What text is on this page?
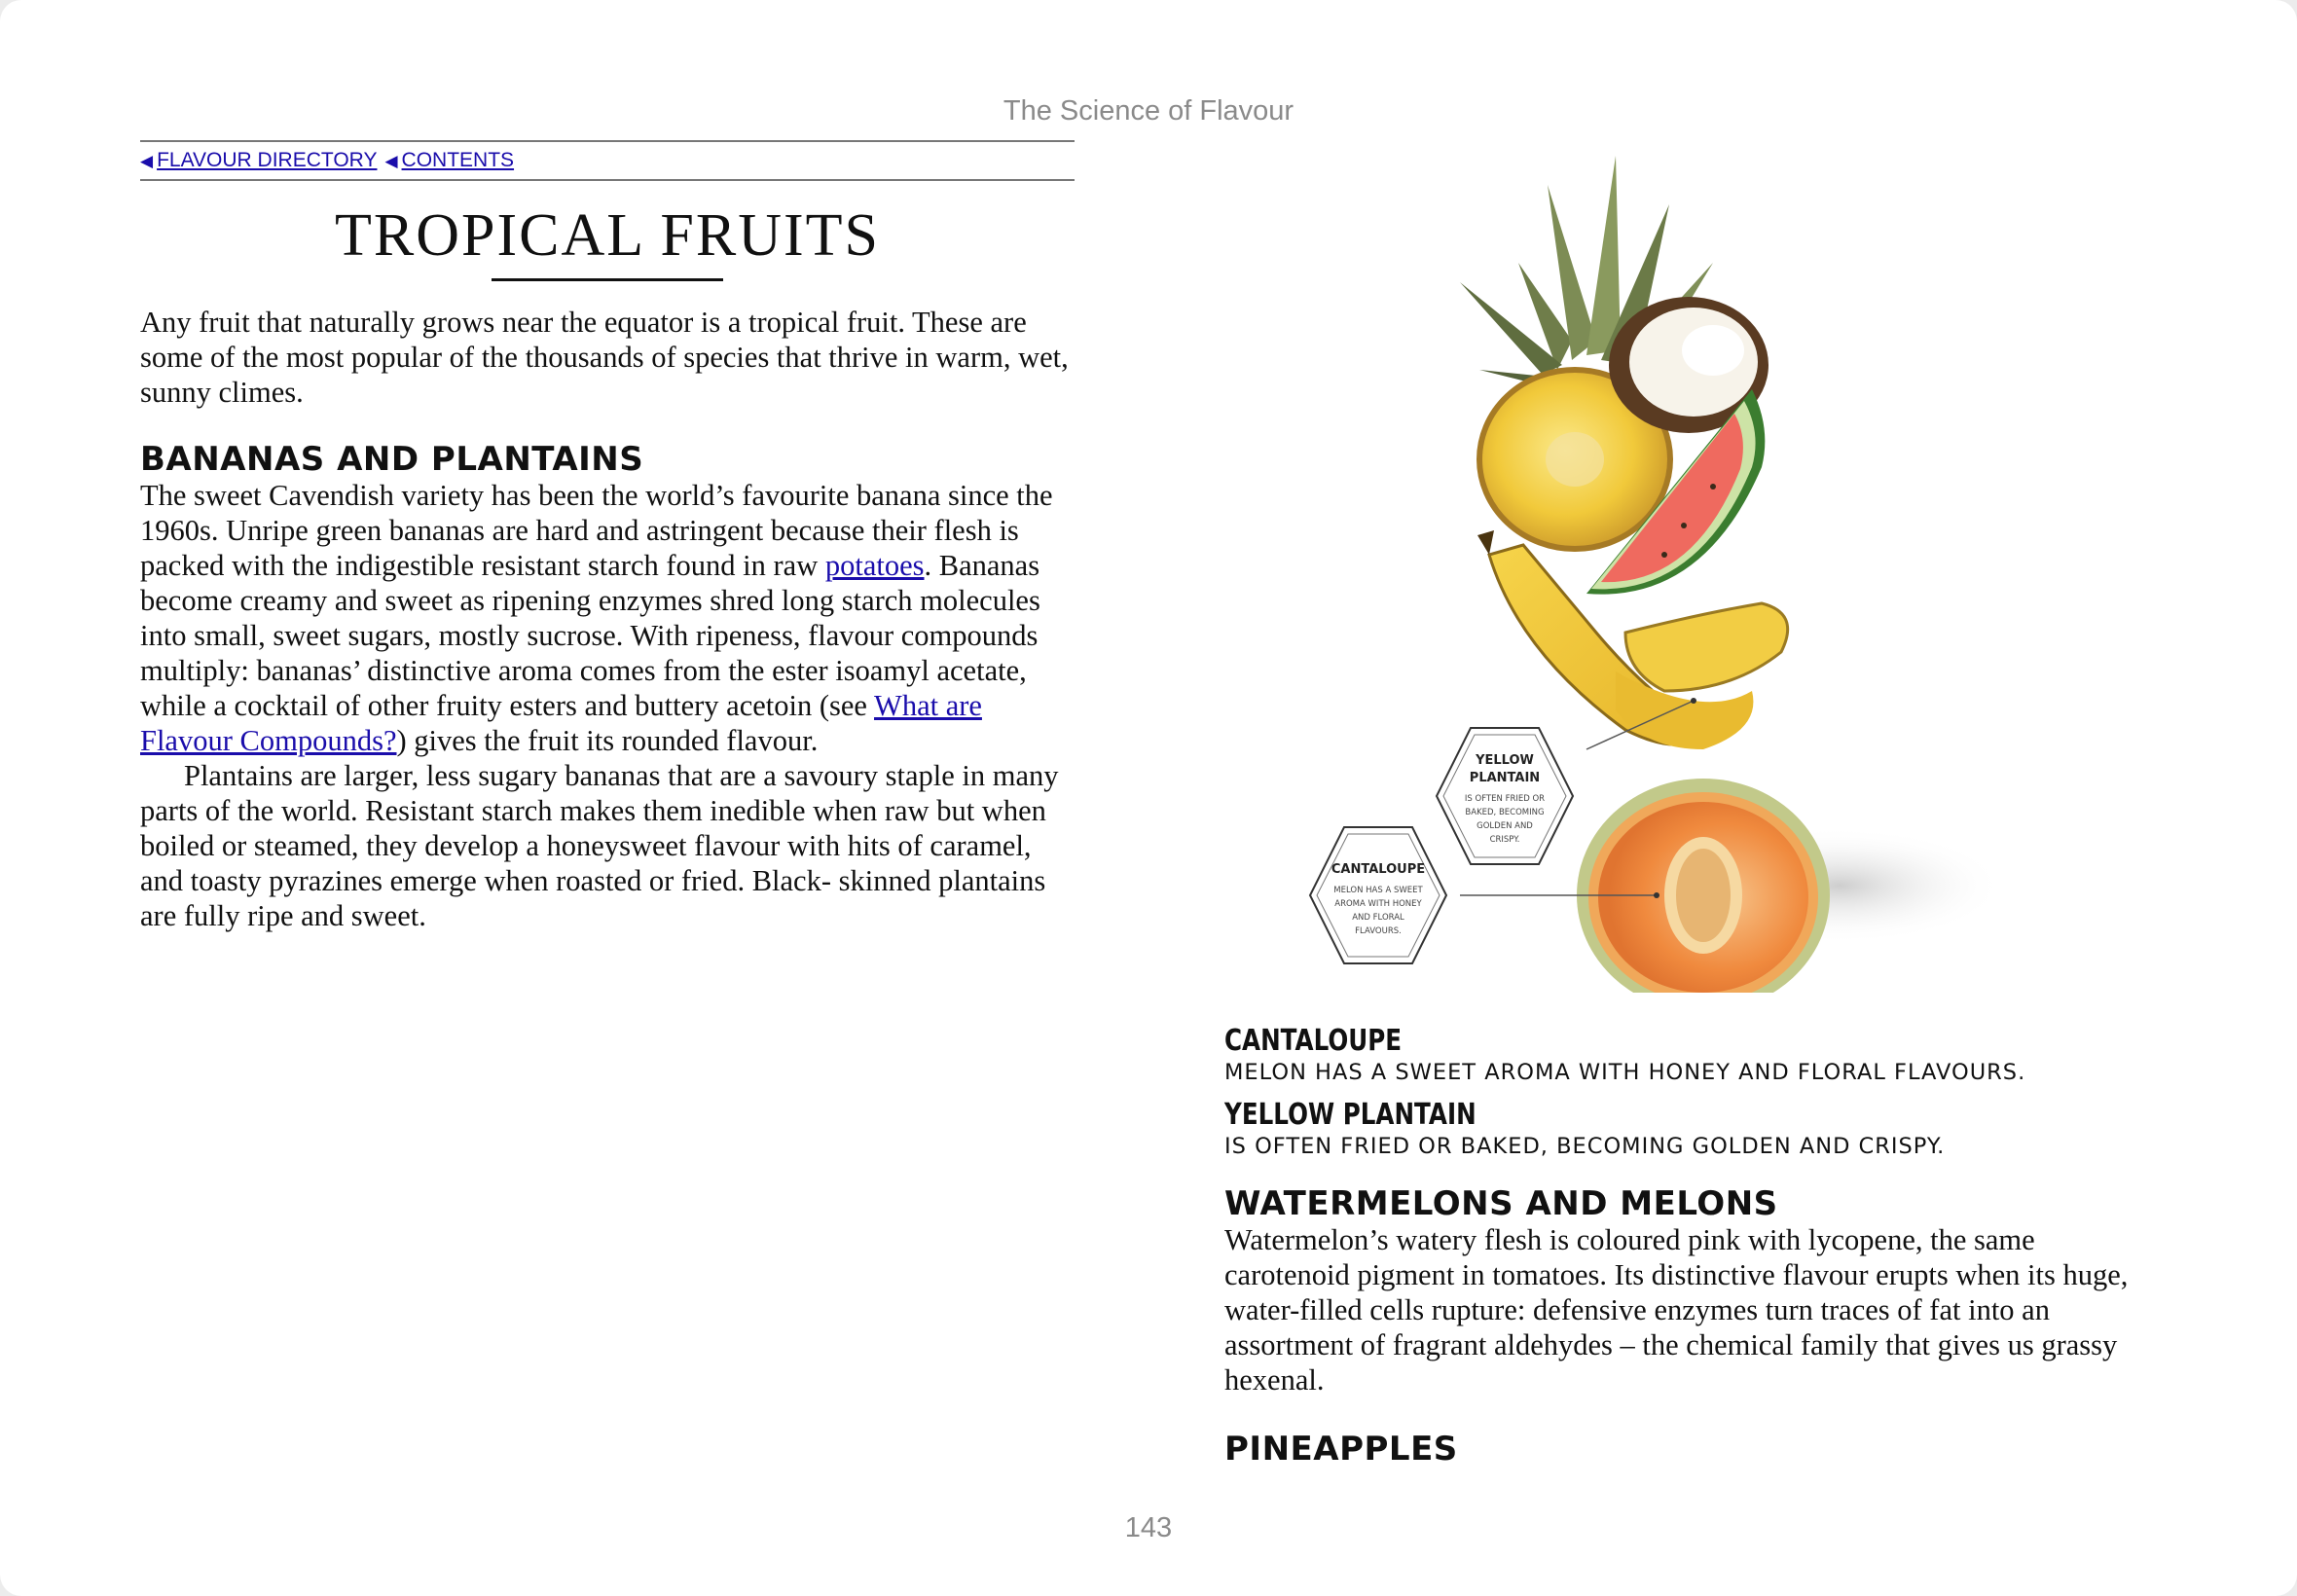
The Science of Flavour
◀ FLAVOUR DIRECTORY ◀ CONTENTS
TROPICAL FRUITS

Any fruit that naturally grows near the equator is a tropical fruit. These are some of the most popular of the thousands of species that thrive in warm, wet, sunny climes.

BANANAS AND PLANTAINS

The sweet Cavendish variety has been the world’s favourite banana since the 1960s. Unripe green bananas are hard and astringent because their flesh is packed with the indigestible resistant starch found in raw potatoes. Bananas become creamy and sweet as ripening enzymes shred long starch molecules into small, sweet sugars, mostly sucrose. With ripeness, flavour compounds multiply: bananas’ distinctive aroma comes from the ester isoamyl acetate, while a cocktail of other fruity esters and buttery acetoin (see What are Flavour Compounds?) gives the fruit its rounded flavour.

Plantains are larger, less sugary bananas that are a savoury staple in many parts of the world. Resistant starch makes them inedible when raw but when boiled or steamed, they develop a honeysweet flavour with hits of caramel, and toasty pyrazines emerge when roasted or fried. Black- skinned plantains are fully ripe and sweet.

YELLOW
PLANTAIN
IS OFTEN FRIED OR
BAKED, BECOMING
GOLDEN AND
CRISPY.
CANTALOUPE
MELON HAS A SWEET
AROMA WITH HONEY
AND FLORAL
FLAVOURS.
CANTALOUPE
MELON HAS A SWEET AROMA WITH HONEY AND FLORAL FLAVOURS.
YELLOW PLANTAIN
IS OFTEN FRIED OR BAKED, BECOMING GOLDEN AND CRISPY.
WATERMELONS AND MELONS

Watermelon’s watery flesh is coloured pink with lycopene, the same carotenoid pigment in tomatoes. Its distinctive flavour erupts when its huge, water-filled cells rupture: defensive enzymes turn traces of fat into an assortment of fragrant aldehydes – the chemical family that gives us grassy hexenal.

PINEAPPLES
143
